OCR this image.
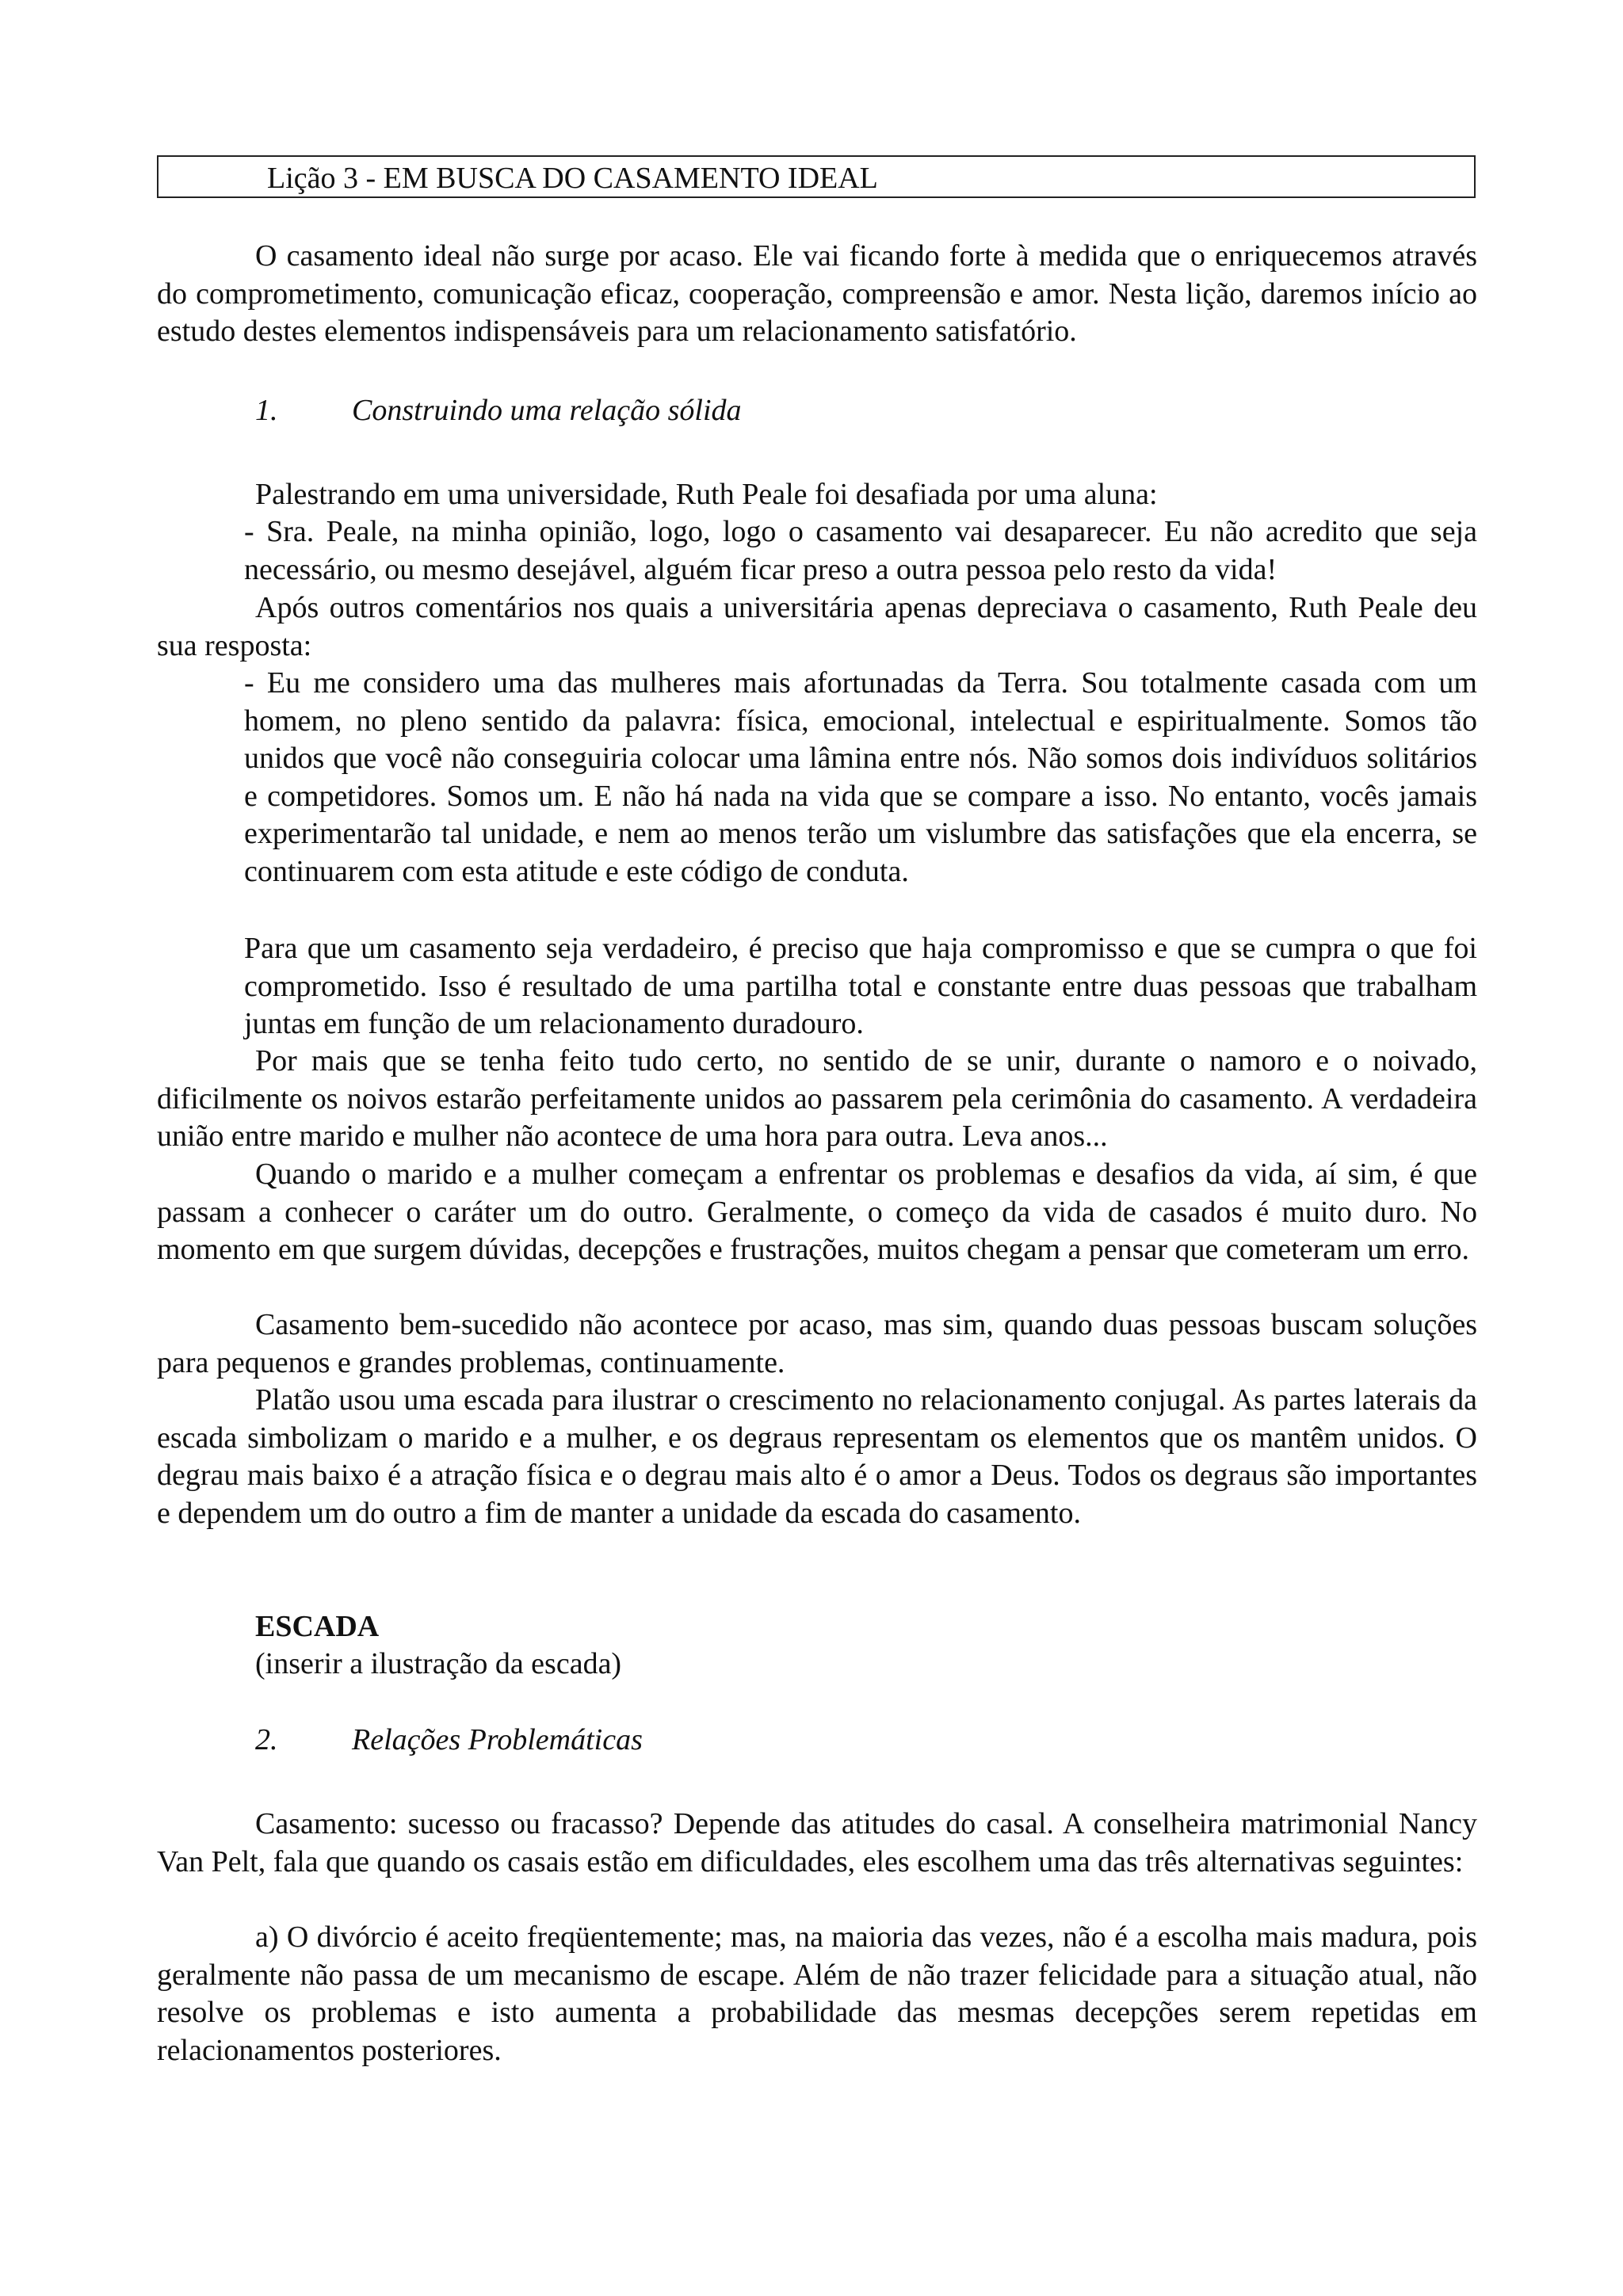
Lição 3 - EM BUSCA DO CASAMENTO IDEAL

O casamento ideal não surge por acaso. Ele vai ficando forte à medida que o enriquecemos através do comprometimento, comunicação eficaz, cooperação, compreensão e amor. Nesta lição, daremos início ao estudo destes elementos indispensáveis para um relacionamento satisfatório.

1. Construindo uma relação sólida

Palestrando em uma universidade, Ruth Peale foi desafiada por uma aluna:

- Sra. Peale, na minha opinião, logo, logo o casamento vai desaparecer. Eu não acredito que seja necessário, ou mesmo desejável, alguém ficar preso a outra pessoa pelo resto da vida!

Após outros comentários nos quais a universitária apenas depreciava o casamento, Ruth Peale deu sua resposta:

- Eu me considero uma das mulheres mais afortunadas da Terra. Sou totalmente casada com um homem, no pleno sentido da palavra: física, emocional, intelectual e espiritualmente. Somos tão unidos que você não conseguiria colocar uma lâmina entre nós. Não somos dois indivíduos solitários e competidores. Somos um. E não há nada na vida que se compare a isso. No entanto, vocês jamais experimentarão tal unidade, e nem ao menos terão um vislumbre das satisfações que ela encerra, se continuarem com esta atitude e este código de conduta.

Para que um casamento seja verdadeiro, é preciso que haja compromisso e que se cumpra o que foi comprometido. Isso é resultado de uma partilha total e constante entre duas pessoas que trabalham juntas em função de um relacionamento duradouro.

Por mais que se tenha feito tudo certo, no sentido de se unir, durante o namoro e o noivado, dificilmente os noivos estarão perfeitamente unidos ao passarem pela cerimônia do casamento. A verdadeira união entre marido e mulher não acontece de uma hora para outra. Leva anos...

Quando o marido e a mulher começam a enfrentar os problemas e desafios da vida, aí sim, é que passam a conhecer o caráter um do outro. Geralmente, o começo da vida de casados é muito duro. No momento em que surgem dúvidas, decepções e frustrações, muitos chegam a pensar que cometeram um erro.

Casamento bem-sucedido não acontece por acaso, mas sim, quando duas pessoas buscam soluções para pequenos e grandes problemas, continuamente.

Platão usou uma escada para ilustrar o crescimento no relacionamento conjugal. As partes laterais da escada simbolizam o marido e a mulher, e os degraus representam os elementos que os mantêm unidos. O degrau mais baixo é a atração física e o degrau mais alto é o amor a Deus. Todos os degraus são importantes e dependem um do outro a fim de manter a unidade da escada do casamento.

ESCADA
(inserir a ilustração da escada)
2. Relações Problemáticas

Casamento: sucesso ou fracasso? Depende das atitudes do casal. A conselheira matrimonial Nancy Van Pelt, fala que quando os casais estão em dificuldades, eles escolhem uma das três alternativas seguintes:

a) O divórcio é aceito freqüentemente; mas, na maioria das vezes, não é a escolha mais madura, pois geralmente não passa de um mecanismo de escape. Além de não trazer felicidade para a situação atual, não resolve os problemas e isto aumenta a probabilidade das mesmas decepções serem repetidas em relacionamentos posteriores.
